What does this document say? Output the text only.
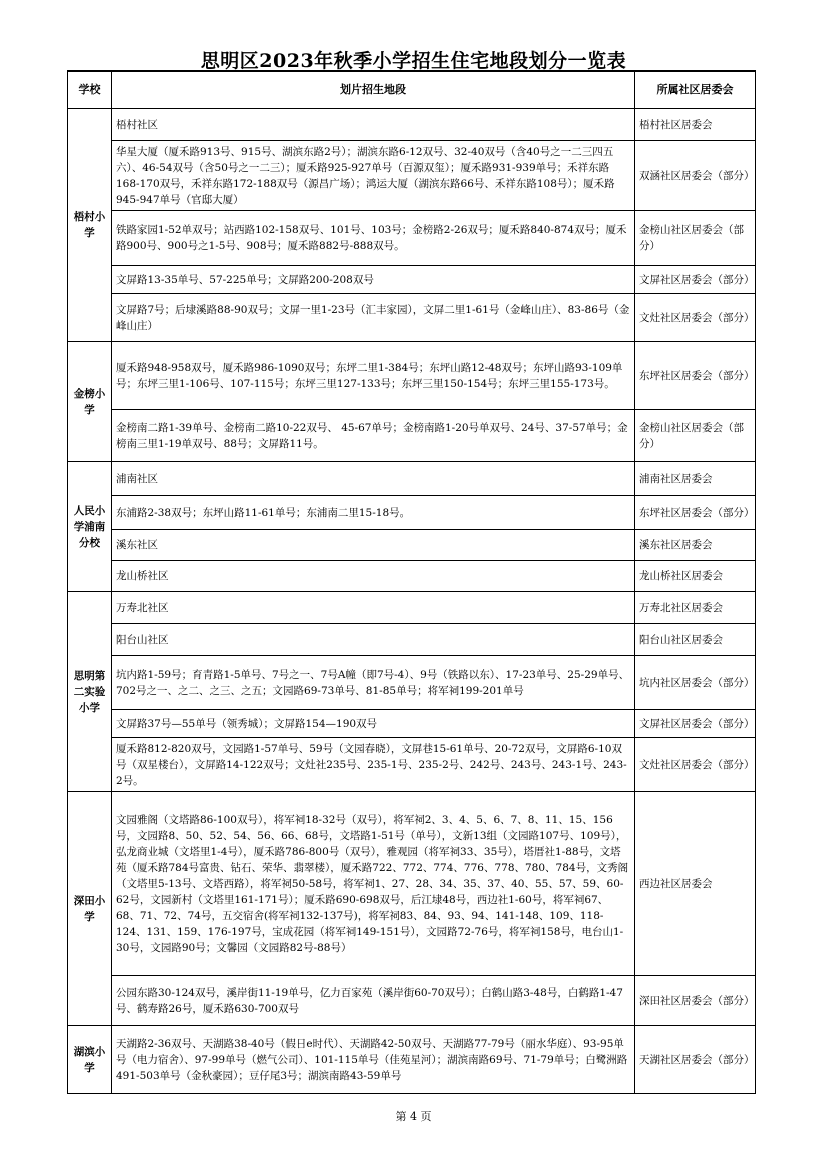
思明区2023年秋季小学招生住宅地段划分一览表
学校	划片招生地段	所属社区居委会
梧村小学	梧村社区	梧村社区居委会
	华星大厦（厦禾路913号、915号、湖滨东路2号）；湖滨东路6-12双号、32-40双号（含40号之一二三四五六）、46-54双号（含50号之一二三）；厦禾路925-927单号（百源双玺）；厦禾路931-939单号；禾祥东路168-170双号，禾祥东路172-188双号（源昌广场）；鸿运大厦（湖滨东路66号、禾祥东路108号）；厦禾路945-947单号（官邸大厦）	双涵社区居委会（部分）
	铁路家园1-52单双号；站西路102-158双号、101号、103号；金榜路2-26双号；厦禾路840-874双号；厦禾路900号、900号之1-5号、908号；厦禾路882号-888双号。	金榜山社区居委会（部分）
	文屏路13-35单号、57-225单号；文屏路200-208双号	文屏社区居委会（部分）
	文屏路7号；后埭溪路88-90双号；文屏一里1-23号（汇丰家园），文屏二里1-61号（金峰山庄）、83-86号（金峰山庄）	文灶社区居委会（部分）
金榜小学	厦禾路948-958双号，厦禾路986-1090双号；东坪二里1-384号；东坪山路12-48双号；东坪山路93-109单号；东坪三里1-106号、107-115号；东坪三里127-133号；东坪三里150-154号；东坪三里155-173号。	东坪社区居委会（部分）
	金榜南二路1-39单号、金榜南二路10-22双号、 45-67单号；金榜南路1-20号单双号、24号、37-57单号；金榜南三里1-19单双号、88号；文屏路11号。	金榜山社区居委会（部分）
人民小学浦南分校	浦南社区	浦南社区居委会
	东浦路2-38双号；东坪山路11-61单号；东浦南二里15-18号。	东坪社区居委会（部分）
	溪东社区	溪东社区居委会
	龙山桥社区	龙山桥社区居委会
思明第二实验小学	万寿北社区	万寿北社区居委会
	阳台山社区	阳台山社区居委会
	坑内路1-59号；育青路1-5单号、7号之一、7号A幢（即7号-4）、9号（铁路以东）、17-23单号、25-29单号、702号之一、之二、之三、之五；文园路69-73单号、81-85单号；将军祠199-201单号	坑内社区居委会（部分）
	文屏路37号—55单号（领秀城）；文屏路154—190双号	文屏社区居委会（部分）
	厦禾路812-820双号，文园路1-57单号、59号（文园春晓），文屏巷15-61单号、20-72双号，文屏路6-10双号（双星楼台），文屏路14-122双号；文灶社235号、235-1号、235-2号、242号、243号、243-1号、243-2号。	文灶社区居委会（部分）
深田小学	文园雅阁（文塔路86-100双号），将军祠18-32号（双号），将军祠2、3、4、5、6、7、8、11、15、156号，文园路8、50、52、54、56、66、68号，文塔路1-51号（单号），文新13组（文园路107号、109号），弘龙商业城（文塔里1-4号），厦禾路786-800号（双号），雅观园（将军祠33、35号），塔厝社1-88号，文塔苑（厦禾路784号富贵、钻石、荣华、翡翠楼），厦禾路722、772、774、776、778、780、784号，文秀阁（文塔里5-13号、文塔西路），将军祠50-58号，将军祠1、27、28、34、35、37、40、55、57、59、60-62号，文园新村（文塔里161-171号）；厦禾路690-698双号，后江埭48号，西边社1-60号，将军祠67、68、71、72、74号，五交宿舍(将军祠132-137号)，将军祠83、84、93、94、141-148、109、118-124、131、159、176-197号，宝成花园（将军祠149-151号），文园路72-76号，将军祠158号，电台山1-30号，文园路90号；文馨园（文园路82号-88号）	西边社区居委会
	公园东路30-124双号，溪岸街11-19单号，亿力百家苑（溪岸街60-70双号）；白鹤山路3-48号，白鹤路1-47号、鹤寿路26号，厦禾路630-700双号	深田社区居委会（部分）
湖滨小学	天湖路2-36双号、天湖路38-40号（假日e时代）、天湖路42-50双号、天湖路77-79号（丽水华庭）、93-95单号（电力宿舍）、97-99单号（燃气公司）、101-115单号（佳苑星河）；湖滨南路69号、71-79单号；白鹭洲路491-503单号（金秋豪园）；豆仔尾3号；湖滨南路43-59单号	天湖社区居委会（部分）
第 4 页
